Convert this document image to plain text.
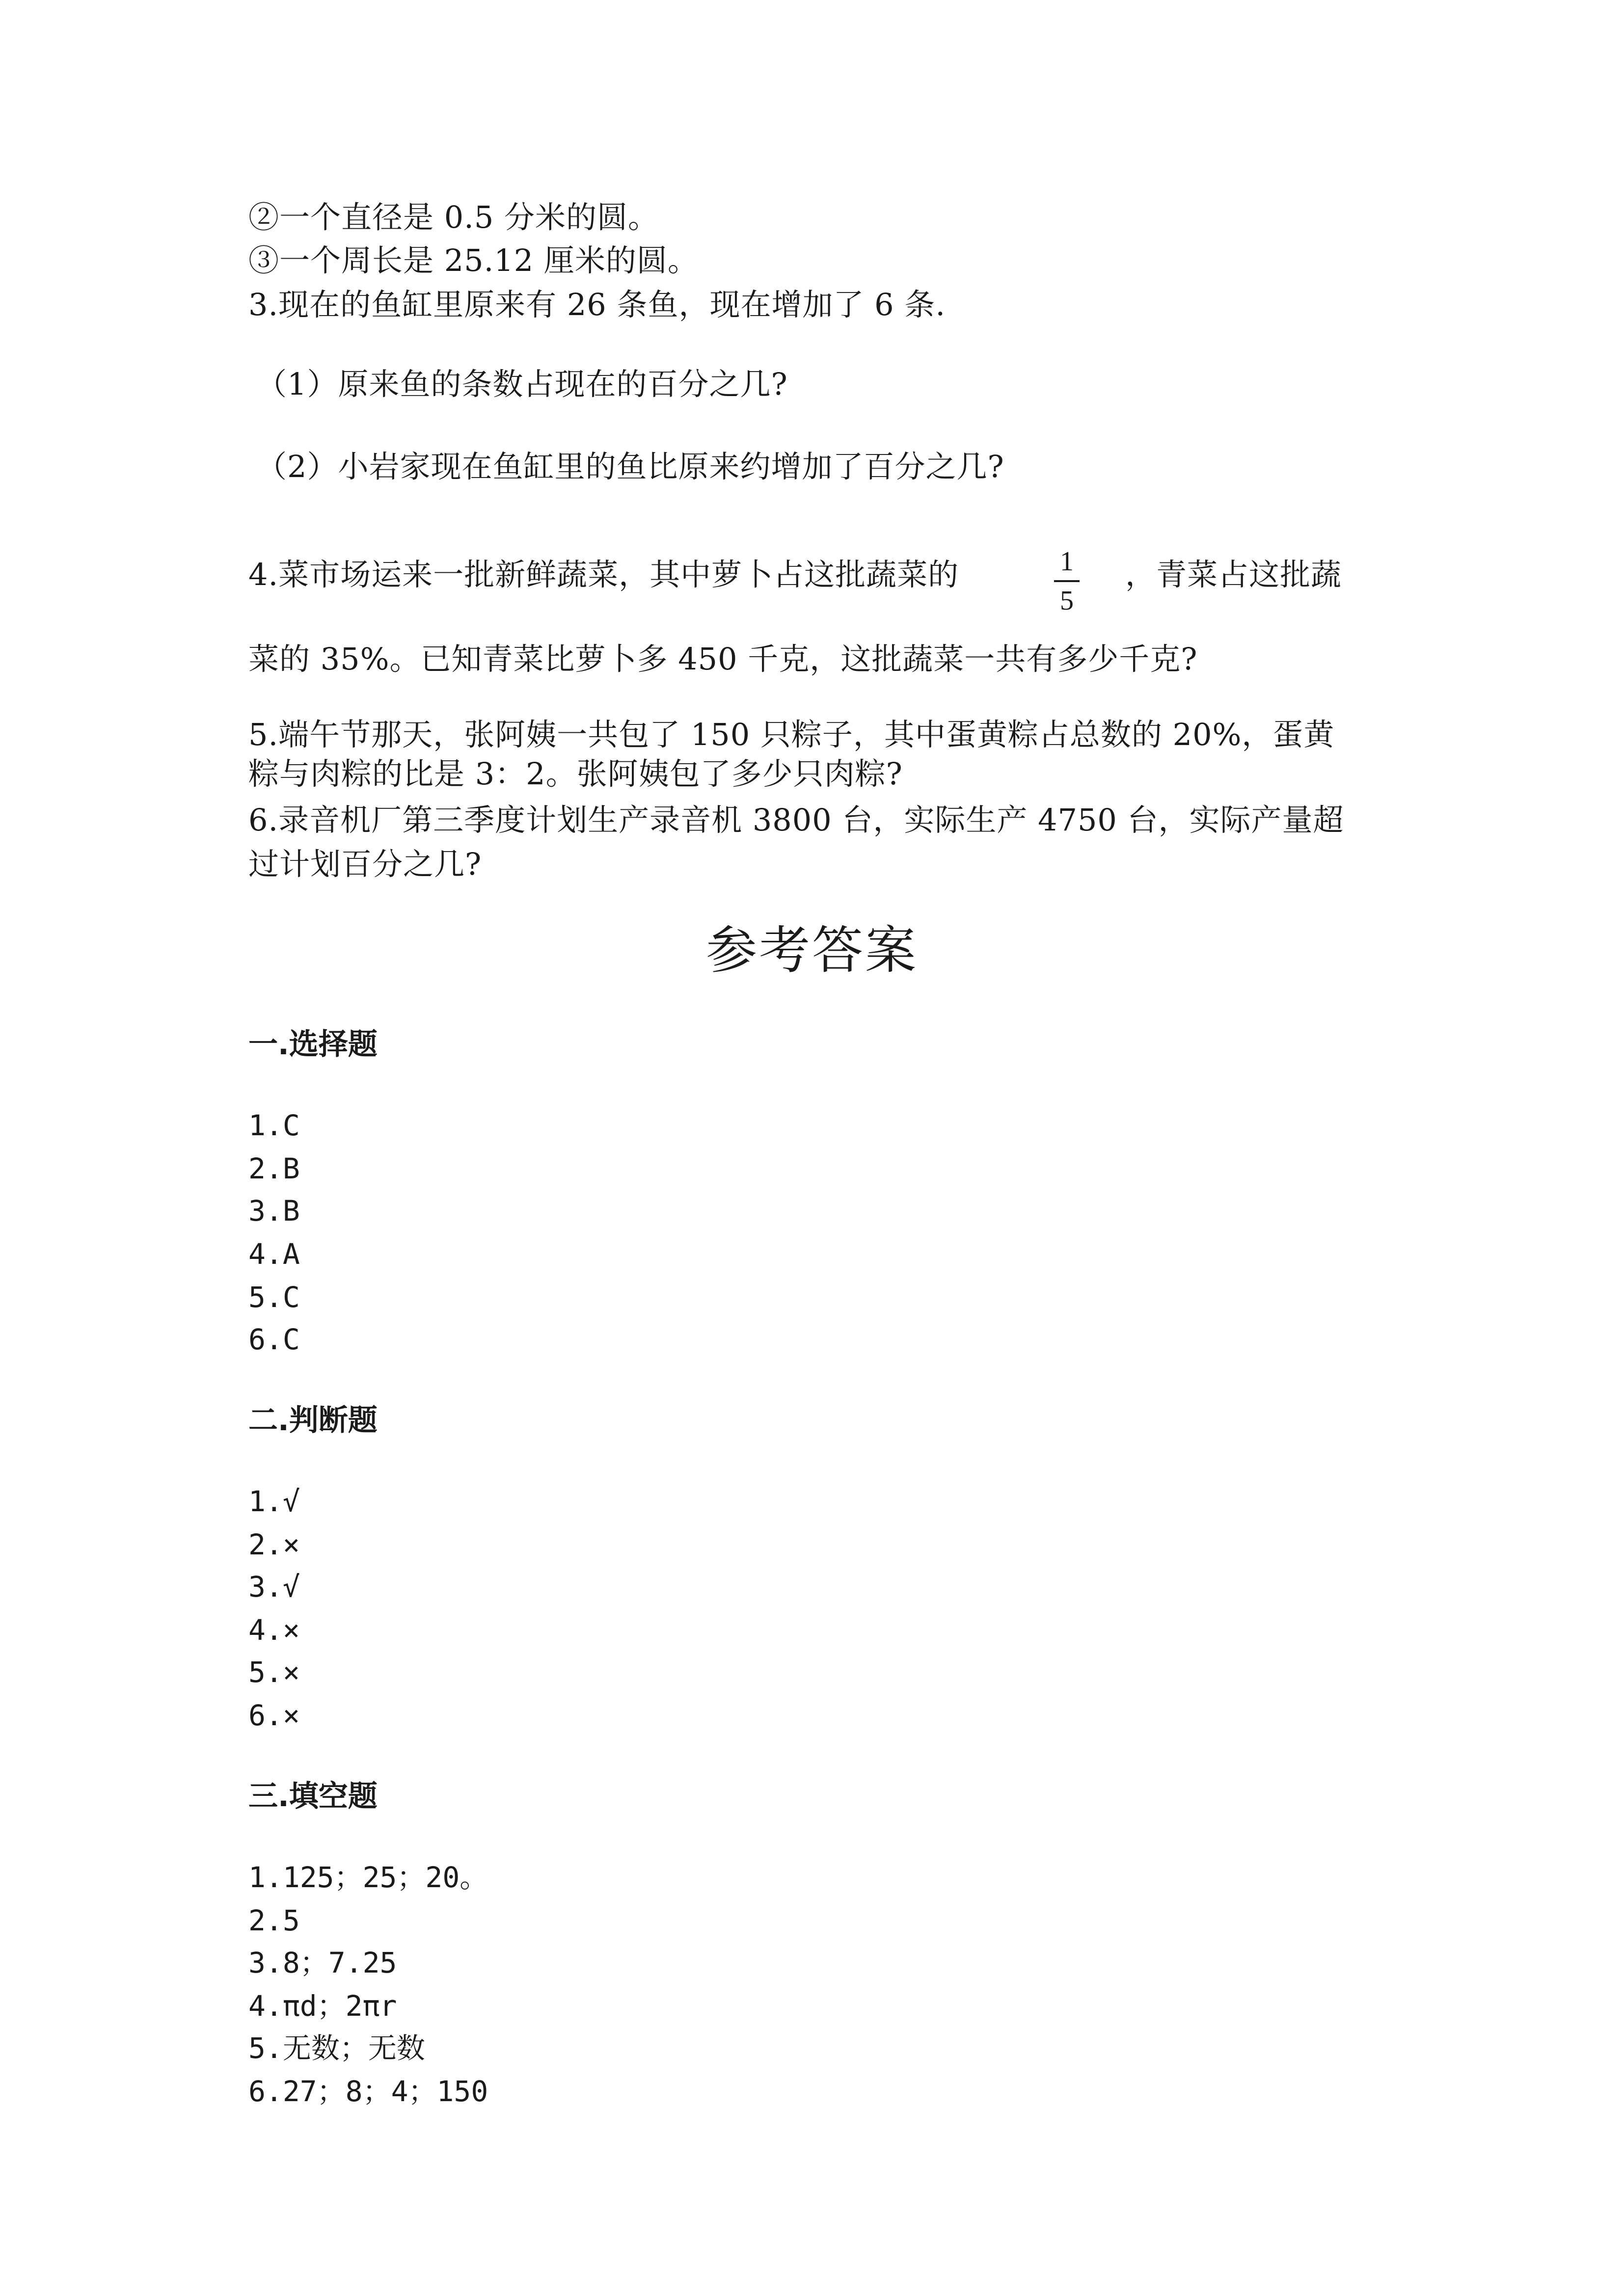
②一个直径是 0.5 分米的圆。
③一个周长是 25.12 厘米的圆。
3.现在的鱼缸里原来有 26 条鱼，现在增加了 6 条.
（1）原来鱼的条数占现在的百分之几?
（2）小岩家现在鱼缸里的鱼比原来约增加了百分之几?
4.菜市场运来一批新鲜蔬菜，其中萝卜占这批蔬菜的	1
5
，青菜占这批蔬
菜的 35%。已知青菜比萝卜多 450 千克，这批蔬菜一共有多少千克?
5.端午节那天，张阿姨一共包了 150 只粽子，其中蛋黄粽占总数的 20%，蛋黄
粽与肉粽的比是 3：2。张阿姨包了多少只肉粽?
6.录音机厂第三季度计划生产录音机 3800 台，实际生产 4750 台，实际产量超
过计划百分之几?
参考答案
一.选择题
1.C
2.B
3.B
4.A
5.C
6.C
二.判断题
1.√
2.×
3.√
4.×
5.×
6.×
三.填空题
1.125；25；20。
2.5
3.8；7.25
4.πd；2πr
5.无数；无数
6.27；8；4；150
